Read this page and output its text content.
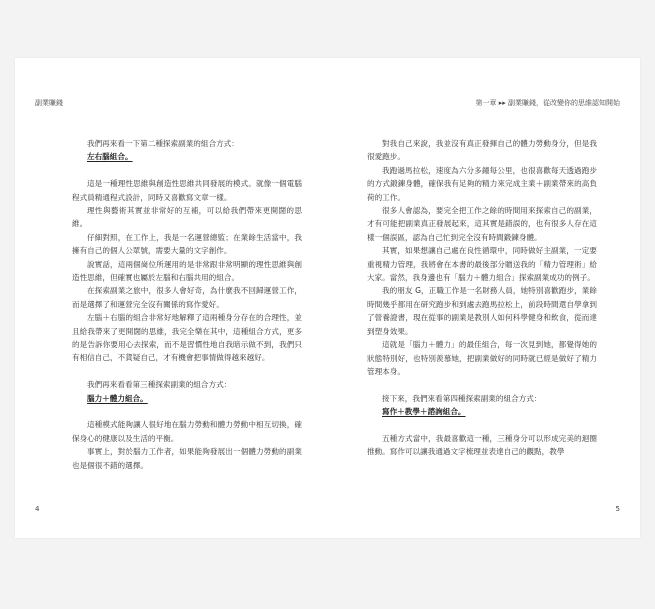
副業賺錢	第一章 ▸▸ 副業賺錢，從改變你的思維認知開始

我們再來看一下第二種探索副業的組合方式：

左右腦組合。

這是一種理性思維與創造性思維共同發展的模式。就像一個電腦程式員精通程式設計，同時又喜歡寫文章一樣。

理性與藝術其實並非常好的互補，可以給我們帶來更開闊的思維。

仔細對照，在工作上，我是一名運營總監；在業餘生活當中，我擁有自己的個人公眾號，需要大量的文字創作。

說實話，這兩個崗位所運用的是非常跟非常明顯的理性思維與創造性思維，但確實也屬於左腦和右腦共用的組合。

在探索副業之旅中，很多人會好奇，為什麼我不回歸運營工作，而是選擇了和運營完全沒有關係的寫作愛好。

左腦＋右腦的組合非常好地解釋了這兩種身分存在的合理性，並且給我帶來了更開闊的思維，我完全樂在其中，這種組合方式，更多的是告訴你要用心去探索，而不是習慣性地自我暗示做不到，我們只有相信自己，不貨疑自己，才有機會把事情做得越來越好。

我們再來看看第三種探索副業的組合方式：

腦力＋體力組合。

這種模式能夠讓人很好地在腦力勞動和體力勞動中相互切換，確保身心的健康以及生活的平衡。

事實上，對於腦力工作者，如果能夠發展出一個體力勞動的副業也是個很不錯的選擇。

對我自己來說，我並沒有真正發揮自己的體力勞動身分，但是我很愛跑步。

我跑過馬拉松，速度為六分多鐘每公里，也很喜歡每天透過跑步的方式鍛鍊身體，確保我有足夠的精力來完成主業＋副業帶來的高負荷的工作。

很多人會認為，要完全把工作之餘的時間用來探索自己的副業，才有可能把副業真正發展起來，這其實是錯誤的，也有很多人存在這樣一個誤區，認為自己忙到完全沒有時間鍛鍊身體。

其實，如果想讓自己處在良性循環中，同時做好主副業，一定要重視精力管理，我將會在本書的最後部分贈送我的「精力管理術」給大家。當然，我身邊也有「腦力＋體力組合」探索副業成功的例子。

我的朋友 G，正職工作是一名財務人員，她特別喜歡跑步，業餘時間幾乎都用在研究跑步和到處去跑馬拉松上，前段時間還自學拿到了營養證書，現在從事的副業是教別人如何科學健身和飲食，從而達到塑身效果。

這就是「腦力＋體力」的最佳組合，每一次見到她，都覺得她的狀態特別好，也特別羨慕她，把副業做好的同時就已經是做好了精力管理本身。

接下來，我們來看第四種探索副業的組合方式：

寫作＋教學＋諮詢組合。

五種方式當中，我最喜歡這一種，三種身分可以形成完美的迴圈推動。寫作可以讓我通過文字梳理並表達自己的觀點，教學

4	5
